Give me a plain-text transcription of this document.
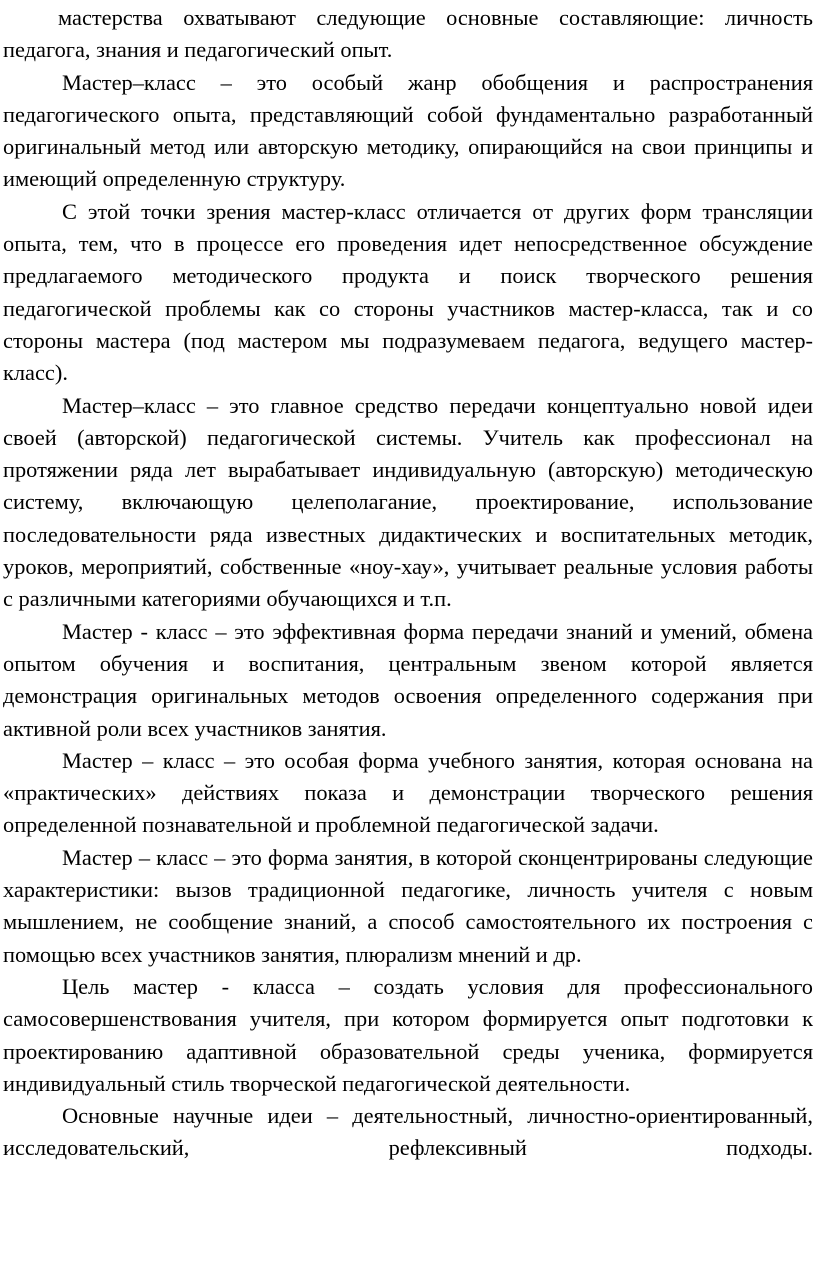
мастерства охватывают следующие основные составляющие: личность педагога, знания и педагогический опыт.

Мастер–класс – это особый жанр обобщения и распространения педагогического опыта, представляющий собой фундаментально разработанный оригинальный метод или авторскую методику, опирающийся на свои принципы и имеющий определенную структуру.

С этой точки зрения мастер-класс отличается от других форм трансляции опыта, тем, что в процессе его проведения идет непосредственное обсуждение предлагаемого методического продукта и поиск творческого решения педагогической проблемы как со стороны участников мастер-класса, так и со стороны мастера (под мастером мы подразумеваем педагога, ведущего мастер-класс).

Мастер–класс – это главное средство передачи концептуально новой идеи своей (авторской) педагогической системы. Учитель как профессионал на протяжении ряда лет вырабатывает индивидуальную (авторскую) методическую систему, включающую целеполагание, проектирование, использование последовательности ряда известных дидактических и воспитательных методик, уроков, мероприятий, собственные «ноу-хау», учитывает реальные условия работы с различными категориями обучающихся и т.п.

Мастер - класс – это эффективная форма передачи знаний и умений, обмена опытом обучения и воспитания, центральным звеном которой является демонстрация оригинальных методов освоения определенного содержания при активной роли всех участников занятия.

Мастер – класс – это особая форма учебного занятия, которая основана на «практических» действиях показа и демонстрации творческого решения определенной познавательной и проблемной педагогической задачи.

Мастер – класс – это форма занятия, в которой сконцентрированы следующие характеристики: вызов традиционной педагогике, личность учителя с новым мышлением, не сообщение знаний, а способ самостоятельного их построения с помощью всех участников занятия, плюрализм мнений и др.

Цель мастер - класса – создать условия для профессионального самосовершенствования учителя, при котором формируется опыт подготовки к проектированию адаптивной образовательной среды ученика, формируется индивидуальный стиль творческой педагогической деятельности.

Основные научные идеи – деятельностный, личностно-ориентированный, исследовательский, рефлексивный подходы.
